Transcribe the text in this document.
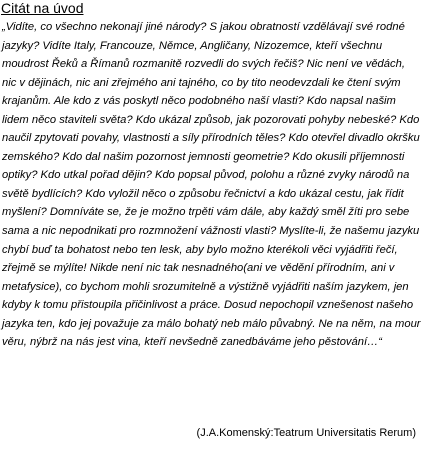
Citát na úvod
„Vidíte, co všechno nekonají jiné národy? S jakou obratností vzdělávají své rodné
jazyky? Vidíte Italy, Francouze, Němce, Angličany, Nizozemce, kteří všechnu
moudrost Řeků a Římanů rozmanitě rozvedli do svých řečiš? Nic není ve vědách,
nic v dějinách, nic ani zřejmého ani tajného, co by tito neodevzdali ke čtení svým
krajanům. Ale kdo z vás poskytl něco podobného naší vlasti? Kdo napsal našim
lidem něco staviteli světa? Kdo ukázal způsob, jak pozorovati pohyby nebeské? Kdo
naučil zpytovati povahy, vlastnosti a síly přírodních těles? Kdo otevřel divadlo okršku
zemského? Kdo dal našim pozornost jemnosti geometrie? Kdo okusili příjemnosti
optiky? Kdo utkal pořad dějin? Kdo popsal původ, polohu a různé zvyky národů na
světě bydlících? Kdo vyložil něco o způsobu řečnictví a kdo ukázal cestu, jak řídit
myšlení? Domníváte se, že je možno trpěti vám dále, aby každý směl žíti pro sebe
sama a nic nepodnikati pro rozmnožení vážnosti vlasti? Myslíte-li, že našemu jazyku
chybí buď ta bohatost nebo ten lesk, aby bylo možno kterékoli věci vyjádřiti řečí,
zřejmě se mýlíte! Nikde není nic tak nesnadného(ani ve vědění přírodním, ani v
metafysice), co bychom mohli srozumitelně a výstižně vyjádřiti naším jazykem, jen
kdyby k tomu přistoupila přičinlivost a práce. Dosud nepochopil vznešenost našeho
jazyka ten, kdo jej považuje za málo bohatý neb málo půvabný. Ne na něm, na mour
věru, nýbrž na nás jest vina, kteří nevšedně zanedbáváme jeho pěstování…“
(J.A.Komenský:Teatrum Universitatis Rerum)
